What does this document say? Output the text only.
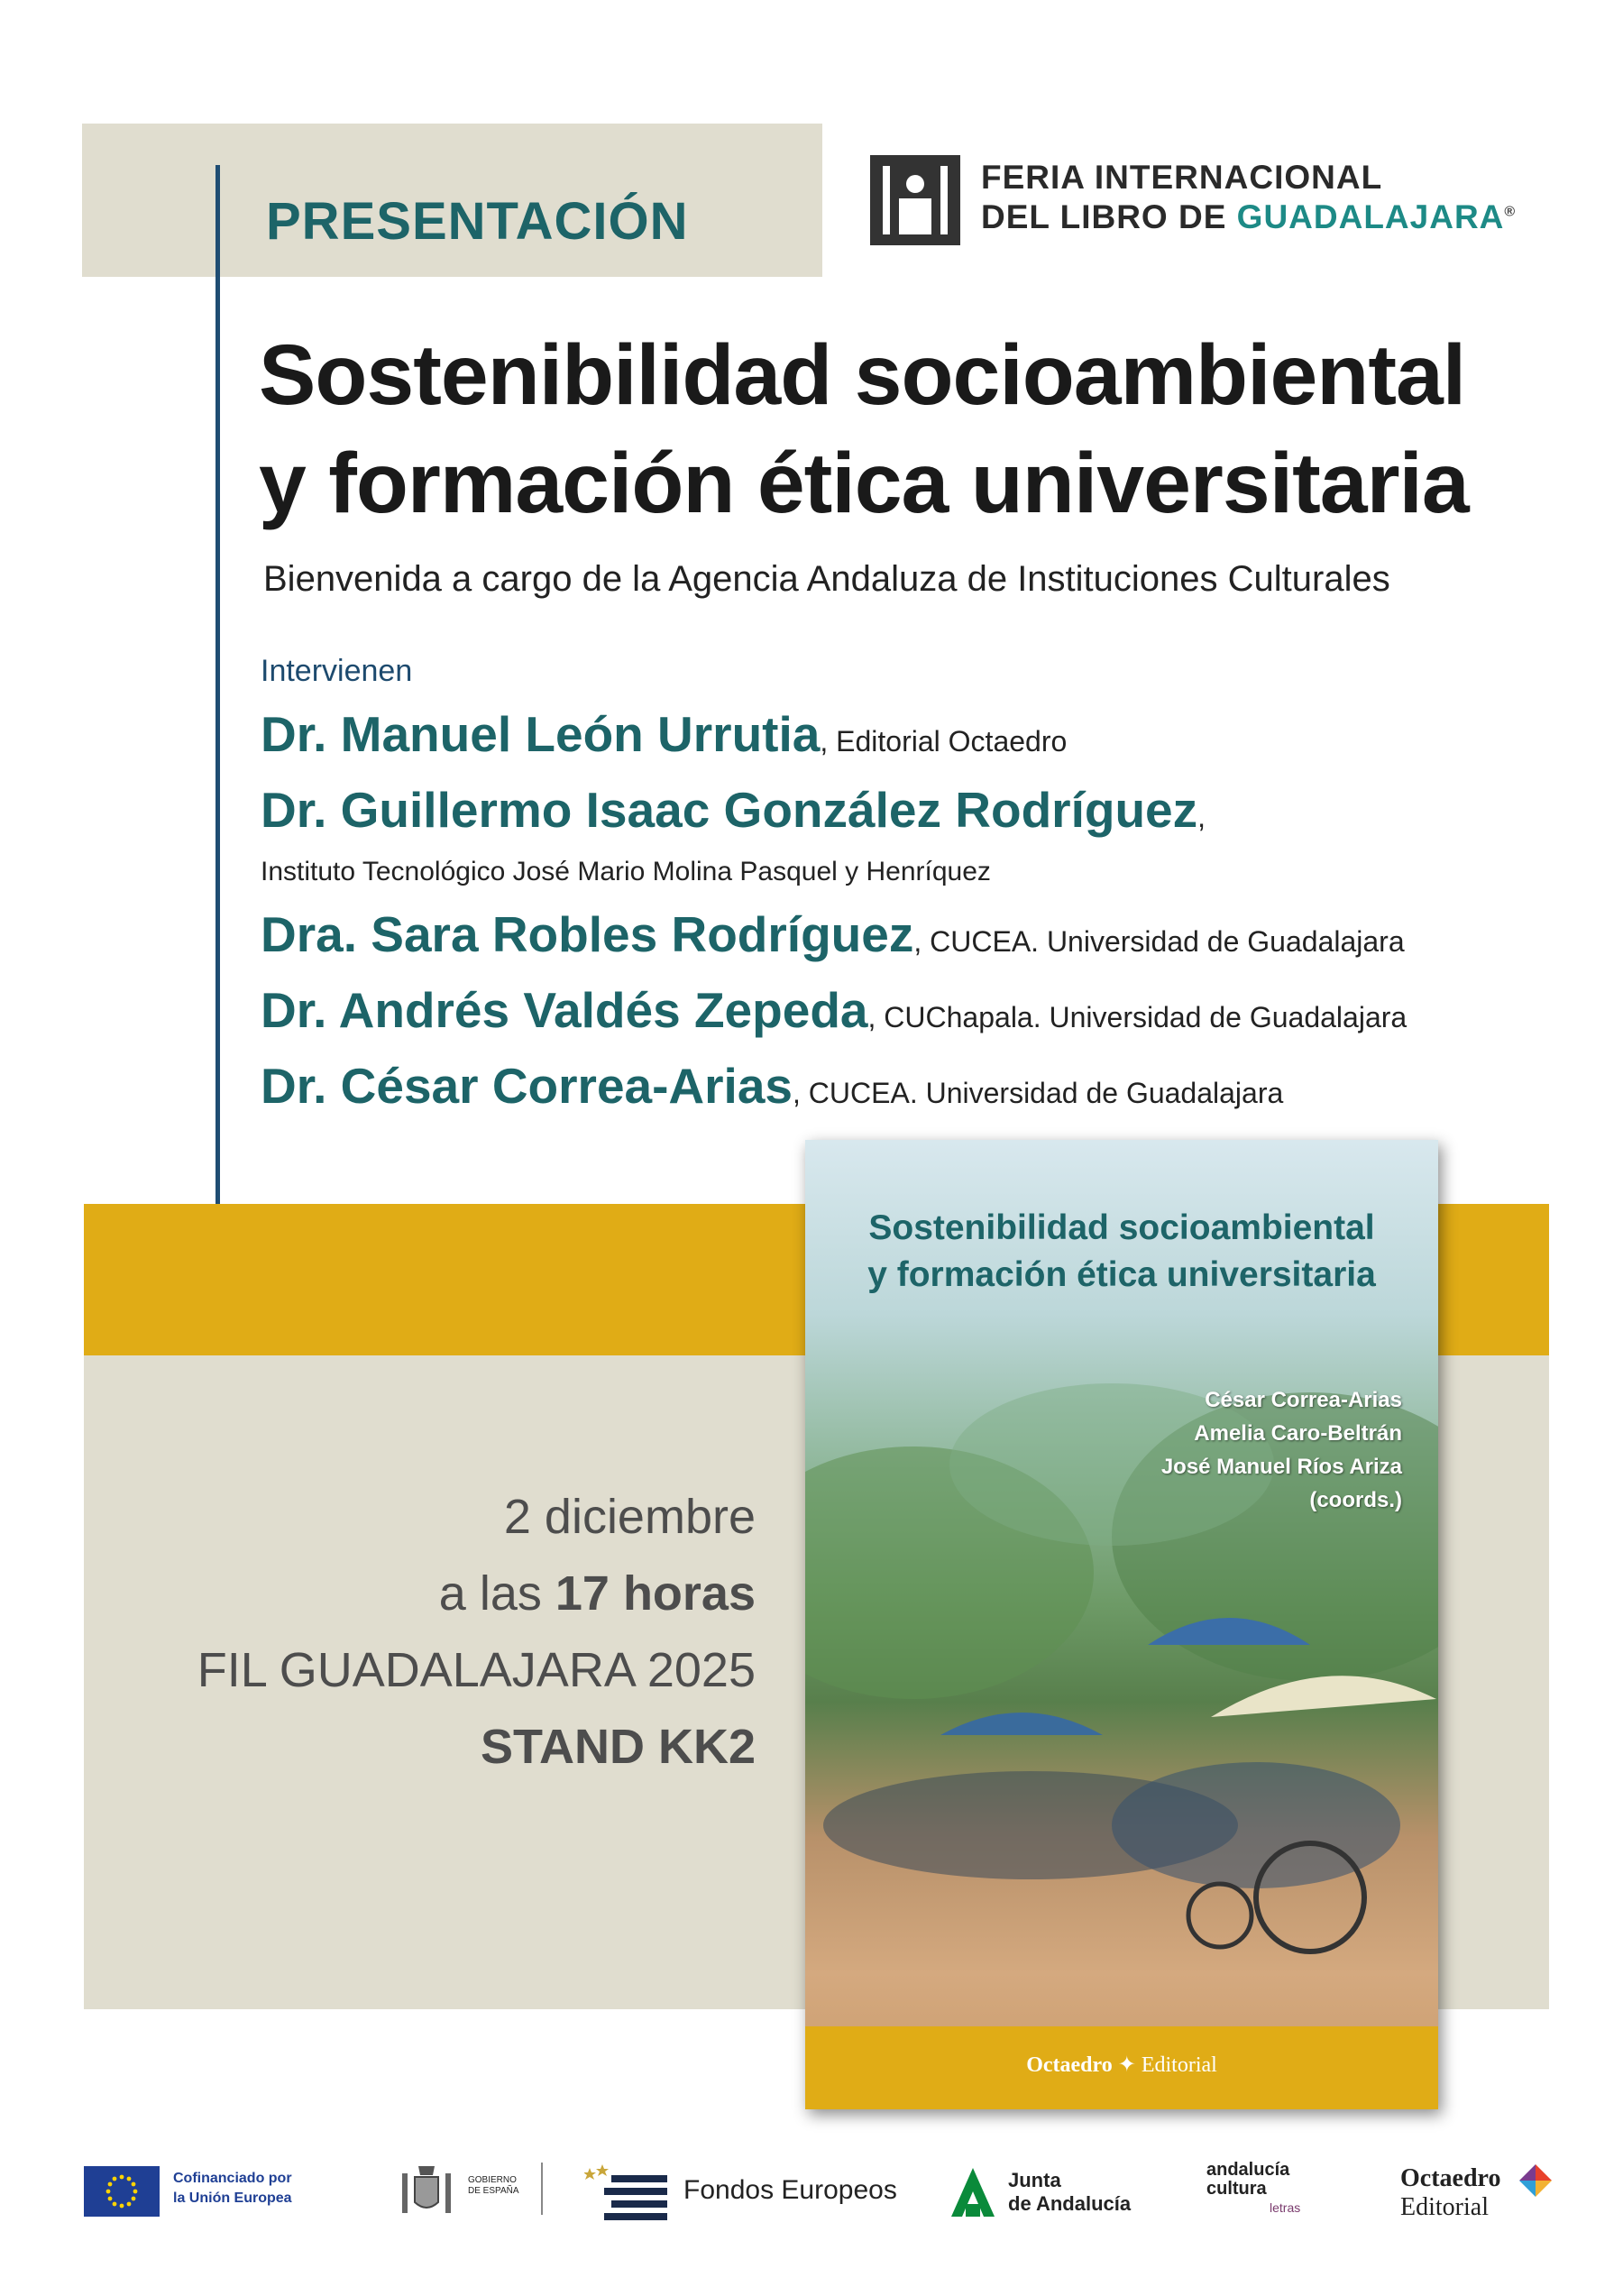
PRESENTACIÓN
FERIA INTERNACIONAL
DEL LIBRO DE GUADALAJARA®
Sostenibilidad socioambiental
y formación ética universitaria
Bienvenida a cargo de la Agencia Andaluza de Instituciones Culturales
Intervienen
Dr. Manuel León Urrutia, Editorial Octaedro
Dr. Guillermo Isaac González Rodríguez,
Instituto Tecnológico José Mario Molina Pasquel y Henríquez
Dra. Sara Robles Rodríguez, CUCEA. Universidad de Guadalajara
Dr. Andrés Valdés Zepeda, CUChapala. Universidad de Guadalajara
Dr. César Correa-Arias, CUCEA. Universidad de Guadalajara
2 diciembre
a las 17 horas
FIL GUADALAJARA 2025
STAND KK2
Sostenibilidad socioambiental
y formación ética universitaria
César Correa-Arias
Amelia Caro-Beltrán
José Manuel Ríos Ariza
(coords.)
Octaedro ✦ Editorial
Cofinanciado por
la Unión Europea
GOBIERNO
DE ESPAÑA	Fondos Europeos	Junta
de Andalucía
andalucía
cultura
letras
Octaedro
Editorial
